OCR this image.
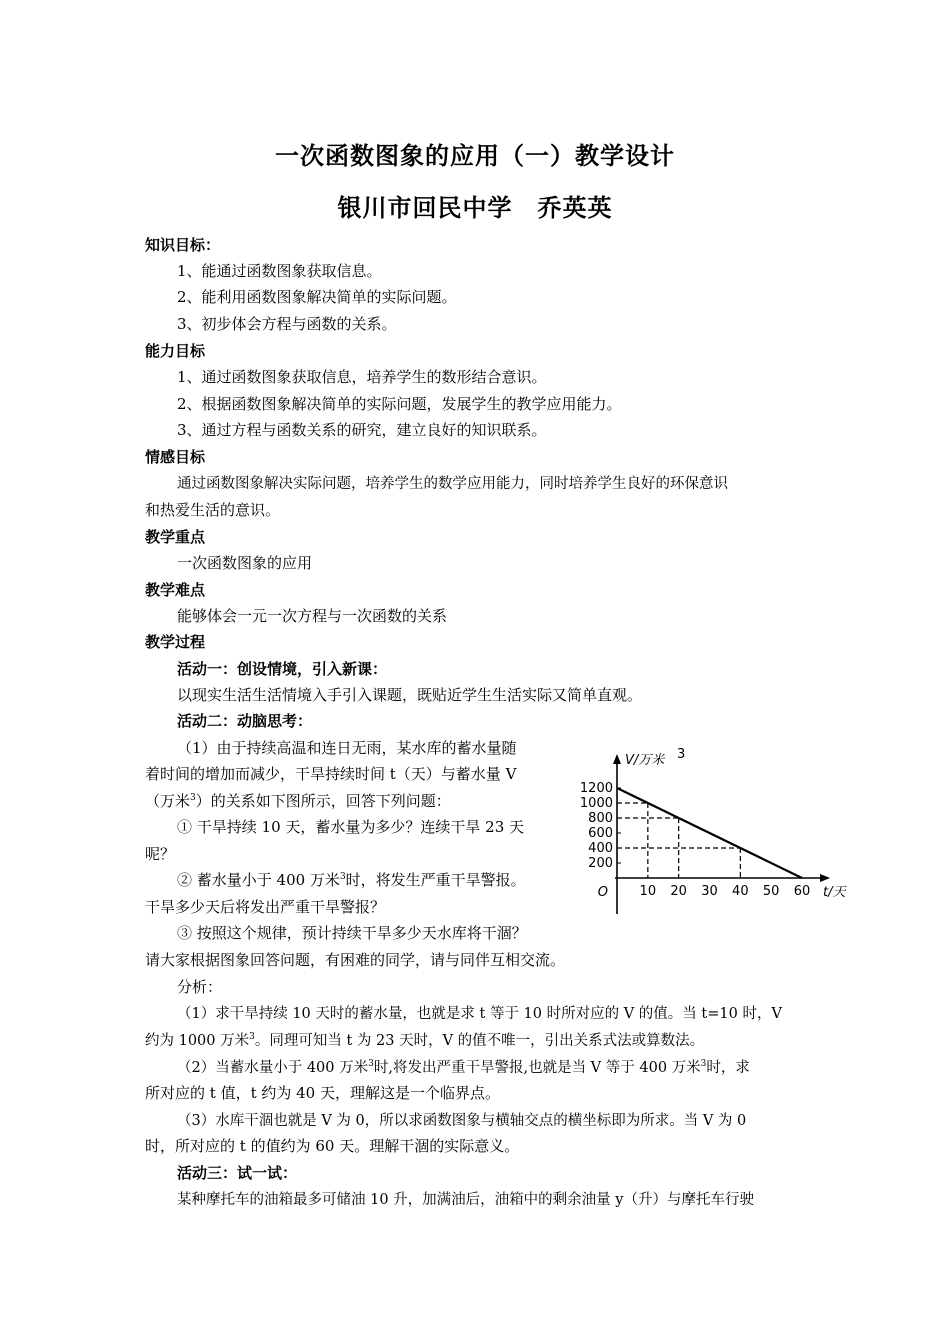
一次函数图象的应用（一）教学设计
银川市回民中学　乔英英
知识目标：
1、能通过函数图象获取信息。
2、能利用函数图象解决简单的实际问题。
3、初步体会方程与函数的关系。
能力目标
1、通过函数图象获取信息，培养学生的数形结合意识。
2、根据函数图象解决简单的实际问题，发展学生的教学应用能力。
3、通过方程与函数关系的研究，建立良好的知识联系。
情感目标
通过函数图象解决实际问题，培养学生的数学应用能力，同时培养学生良好的环保意识
和热爱生活的意识。
教学重点
一次函数图象的应用
教学难点
能够体会一元一次方程与一次函数的关系
教学过程
活动一：创设情境，引入新课：
以现实生活生活情境入手引入课题，既贴近学生生活实际又简单直观。
活动二：动脑思考：
（1）由于持续高温和连日无雨，某水库的蓄水量随
着时间的增加而减少，干旱持续时间 t（天）与蓄水量 V
（万米$^3$）的关系如下图所示，回答下列问题：
① 干旱持续 10 天，蓄水量为多少？连续干旱 23 天
呢？
② 蓄水量小于 400 万米$^3$时，将发生严重干旱警报。
干旱多少天后将发出严重干旱警报？
③ 按照这个规律，预计持续干旱多少天水库将干涸？
请大家根据图象回答问题，有困难的同学，请与同伴互相交流。
分析：
（1）求干旱持续 10 天时的蓄水量，也就是求 t 等于 10 时所对应的 V 的值。当 t=10 时，V
约为 1000 万米$^3$。同理可知当 t 为 23 天时，V 的值不唯一，引出关系式法或算数法。
（2）当蓄水量小于 400 万米$^3$时,将发出严重干旱警报,也就是当 V 等于 400 万米$^3$时，求
所对应的 t 值，t 约为 40 天，理解这是一个临界点。
（3）水库干涸也就是 V 为 0，所以求函数图象与横轴交点的横坐标即为所求。当 V 为 0
时，所对应的 t 的值约为 60 天。理解干涸的实际意义。
活动三：试一试：
某种摩托车的油箱最多可储油 10 升，加满油后，油箱中的剩余油量 y（升）与摩托车行驶
200
400
600
800
1000
1200
10 20 30 40 50 60
O
V/万米 3
t/天
